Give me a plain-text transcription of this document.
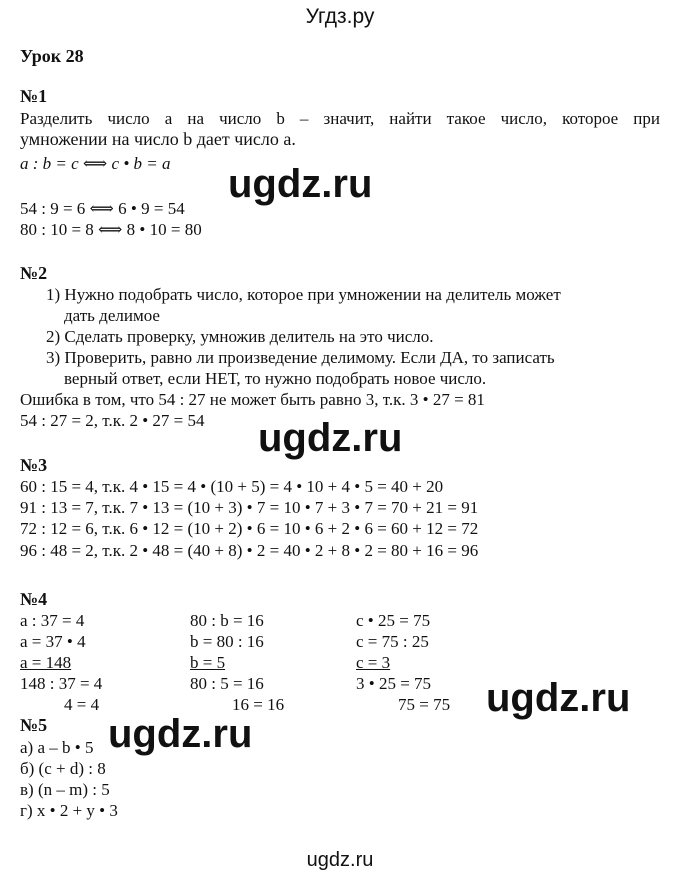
Угдз.ру
Урок 28
№1
Разделить число a на число b – значит, найти такое число, которое при
умножении на число b дает число a.
a : b = c ⟺ c • b = a
54 : 9 = 6 ⟺ 6 • 9 = 54
80 : 10 = 8 ⟺ 8 • 10 = 80
№2
1) Нужно подобрать число, которое при умножении на делитель может
дать делимое
2) Сделать проверку, умножив делитель на это число.
3) Проверить, равно ли произведение делимому. Если ДА, то записать
верный ответ, если НЕТ, то нужно подобрать новое число.
Ошибка в том, что 54 : 27 не может быть равно 3, т.к. 3 • 27 = 81
54 : 27 = 2, т.к. 2 • 27 = 54
№3
60 : 15 = 4, т.к. 4 • 15 = 4 • (10 + 5) = 4 • 10 + 4 • 5 = 40 + 20
91 : 13 = 7, т.к. 7 • 13 = (10 + 3) • 7 = 10 • 7 + 3 • 7 = 70 + 21 = 91
72 : 12 = 6, т.к. 6 • 12 = (10 + 2) • 6 = 10 • 6 + 2 • 6 = 60 + 12 = 72
96 : 48 = 2, т.к. 2 • 48 = (40 + 8) • 2 = 40 • 2 + 8 • 2 = 80 + 16 = 96
№4
a : 37 = 4
a = 37 • 4
a = 148
148 : 37 = 4
4 = 4
80 : b = 16
b = 80 : 16
b = 5
80 : 5 = 16
16 = 16
c • 25 = 75
c = 75 : 25
c = 3
3 • 25 = 75
75 = 75
№5
а) a – b • 5
б) (c + d) : 8
в) (n – m) : 5
г) x • 2 + y • 3
ugdz.ru
ugdz.ru
ugdz.ru
ugdz.ru
ugdz.ru
